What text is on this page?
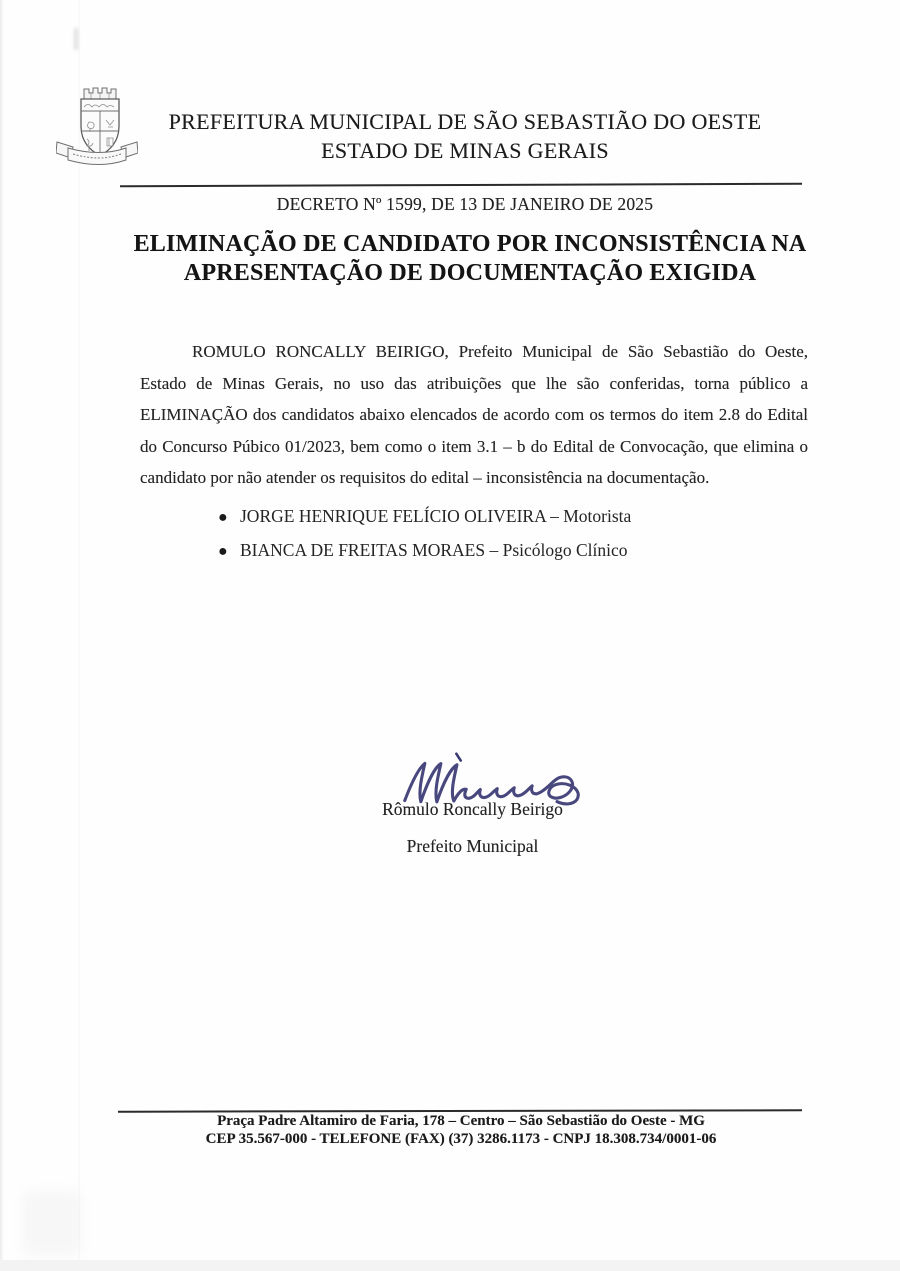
PREFEITURA MUNICIPAL DE SÃO SEBASTIÃO DO OESTE
ESTADO DE MINAS GERAIS
DECRETO Nº 1599, DE 13 DE JANEIRO DE 2025
ELIMINAÇÃO DE CANDIDATO POR INCONSISTÊNCIA NA
APRESENTAÇÃO DE DOCUMENTAÇÃO EXIGIDA
ROMULO RONCALLY BEIRIGO, Prefeito Municipal de São Sebastião do Oeste,
Estado de Minas Gerais, no uso das atribuições que lhe são conferidas, torna público a
ELIMINAÇÃO dos candidatos abaixo elencados de acordo com os termos do item 2.8 do Edital
do Concurso Púbico 01/2023, bem como o item 3.1 – b do Edital de Convocação, que elimina o
candidato por não atender os requisitos do edital – inconsistência na documentação.
● JORGE HENRIQUE FELÍCIO OLIVEIRA – Motorista
● BIANCA DE FREITAS MORAES – Psicólogo Clínico
Rômulo Roncally Beirigo
Prefeito Municipal
Praça Padre Altamiro de Faria, 178 – Centro – São Sebastião do Oeste - MG
CEP 35.567-000 - TELEFONE (FAX) (37) 3286.1173 - CNPJ 18.308.734/0001-06
